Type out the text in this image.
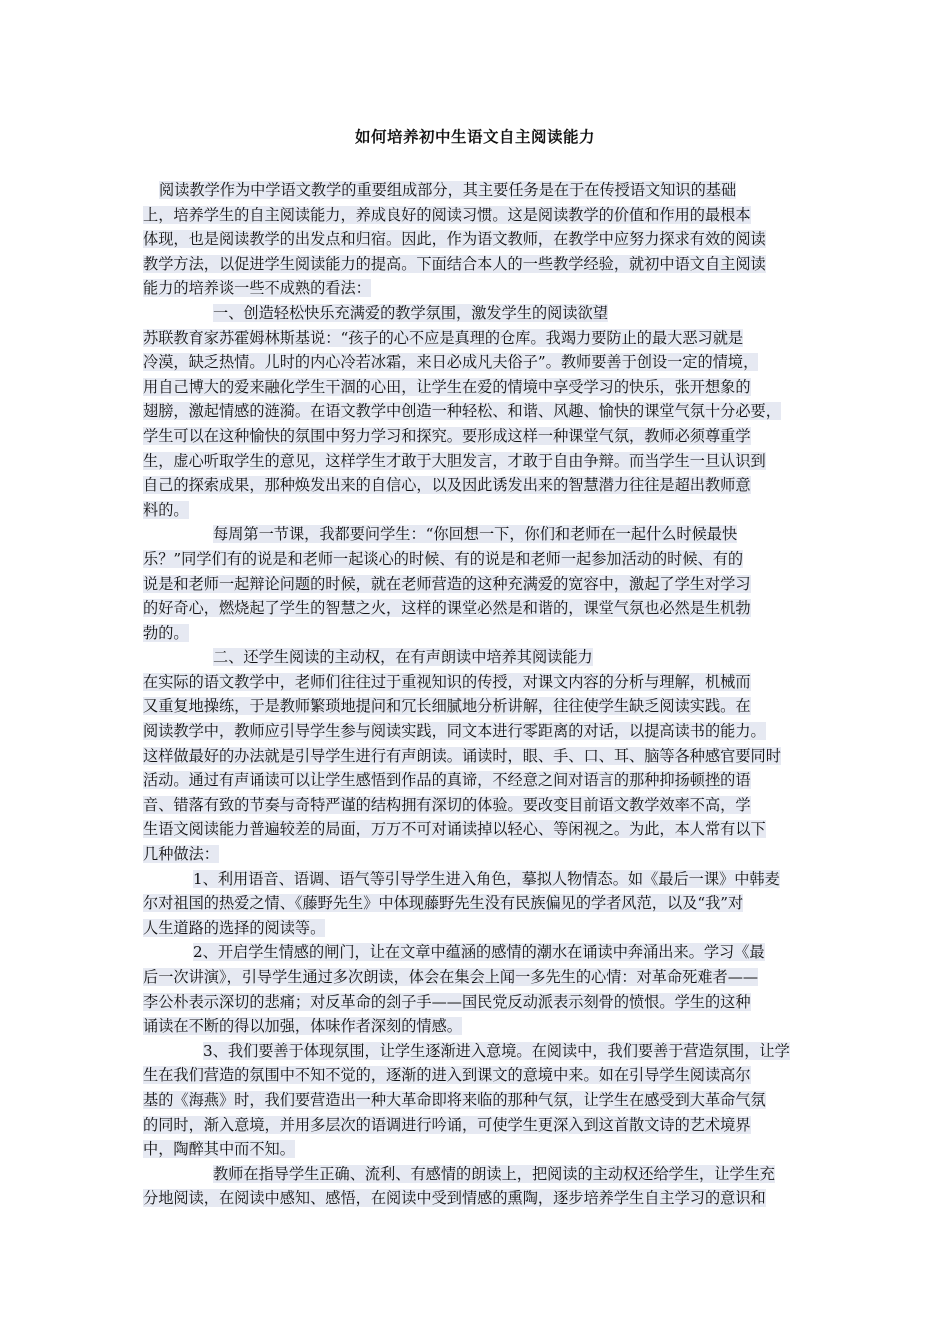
如何培养初中生语文自主阅读能力
阅读教学作为中学语文教学的重要组成部分，其主要任务是在于在传授语文知识的基础
上，培养学生的自主阅读能力，养成良好的阅读习惯。这是阅读教学的价值和作用的最根本
体现，也是阅读教学的出发点和归宿。因此，作为语文教师，在教学中应努力探求有效的阅读
教学方法，以促进学生阅读能力的提高。下面结合本人的一些教学经验，就初中语文自主阅读
能力的培养谈一些不成熟的看法：
一、创造轻松快乐充满爱的教学氛围，激发学生的阅读欲望
苏联教育家苏霍姆林斯基说：“孩子的心不应是真理的仓库。我竭力要防止的最大恶习就是
冷漠，缺乏热情。儿时的内心冷若冰霜，来日必成凡夫俗子”。教师要善于创设一定的情境，
用自己博大的爱来融化学生干涸的心田，让学生在爱的情境中享受学习的快乐，张开想象的
翅膀，激起情感的涟漪。在语文教学中创造一种轻松、和谐、风趣、愉快的课堂气氛十分必要，
学生可以在这种愉快的氛围中努力学习和探究。要形成这样一种课堂气氛，教师必须尊重学
生，虚心听取学生的意见，这样学生才敢于大胆发言，才敢于自由争辩。而当学生一旦认识到
自己的探索成果，那种焕发出来的自信心，以及因此诱发出来的智慧潜力往往是超出教师意
料的。
每周第一节课，我都要问学生：“你回想一下，你们和老师在一起什么时候最快
乐？”同学们有的说是和老师一起谈心的时候、有的说是和老师一起参加活动的时候、有的
说是和老师一起辩论问题的时候，就在老师营造的这种充满爱的宽容中，激起了学生对学习
的好奇心，燃烧起了学生的智慧之火，这样的课堂必然是和谐的，课堂气氛也必然是生机勃
勃的。
二、还学生阅读的主动权，在有声朗读中培养其阅读能力
在实际的语文教学中，老师们往往过于重视知识的传授，对课文内容的分析与理解，机械而
又重复地操练，于是教师繁琐地提问和冗长细腻地分析讲解，往往使学生缺乏阅读实践。在
阅读教学中，教师应引导学生参与阅读实践，同文本进行零距离的对话，以提高读书的能力。
这样做最好的办法就是引导学生进行有声朗读。诵读时，眼、手、口、耳、脑等各种感官要同时
活动。通过有声诵读可以让学生感悟到作品的真谛，不经意之间对语言的那种抑扬顿挫的语
音、错落有致的节奏与奇特严谨的结构拥有深切的体验。要改变目前语文教学效率不高，学
生语文阅读能力普遍较差的局面，万万不可对诵读掉以轻心、等闲视之。为此，本人常有以下
几种做法：
1、利用语音、语调、语气等引导学生进入角色，摹拟人物情态。如《最后一课》中韩麦
尔对祖国的热爱之情、《藤野先生》中体现藤野先生没有民族偏见的学者风范，以及“我”对
人生道路的选择的阅读等。
2、开启学生情感的闸门，让在文章中蕴涵的感情的潮水在诵读中奔涌出来。学习《最
后一次讲演》，引导学生通过多次朗读，体会在集会上闻一多先生的心情：对革命死难者——
李公朴表示深切的悲痛；对反革命的刽子手——国民党反动派表示刻骨的愤恨。学生的这种
诵读在不断的得以加强，体味作者深刻的情感。
3、我们要善于体现氛围，让学生逐渐进入意境。在阅读中，我们要善于营造氛围，让学
生在我们营造的氛围中不知不觉的，逐渐的进入到课文的意境中来。如在引导学生阅读高尔
基的《海燕》时，我们要营造出一种大革命即将来临的那种气氛，让学生在感受到大革命气氛
的同时，渐入意境，并用多层次的语调进行吟诵，可使学生更深入到这首散文诗的艺术境界
中，陶醉其中而不知。
教师在指导学生正确、流利、有感情的朗读上，把阅读的主动权还给学生，让学生充
分地阅读，在阅读中感知、感悟，在阅读中受到情感的熏陶，逐步培养学生自主学习的意识和
